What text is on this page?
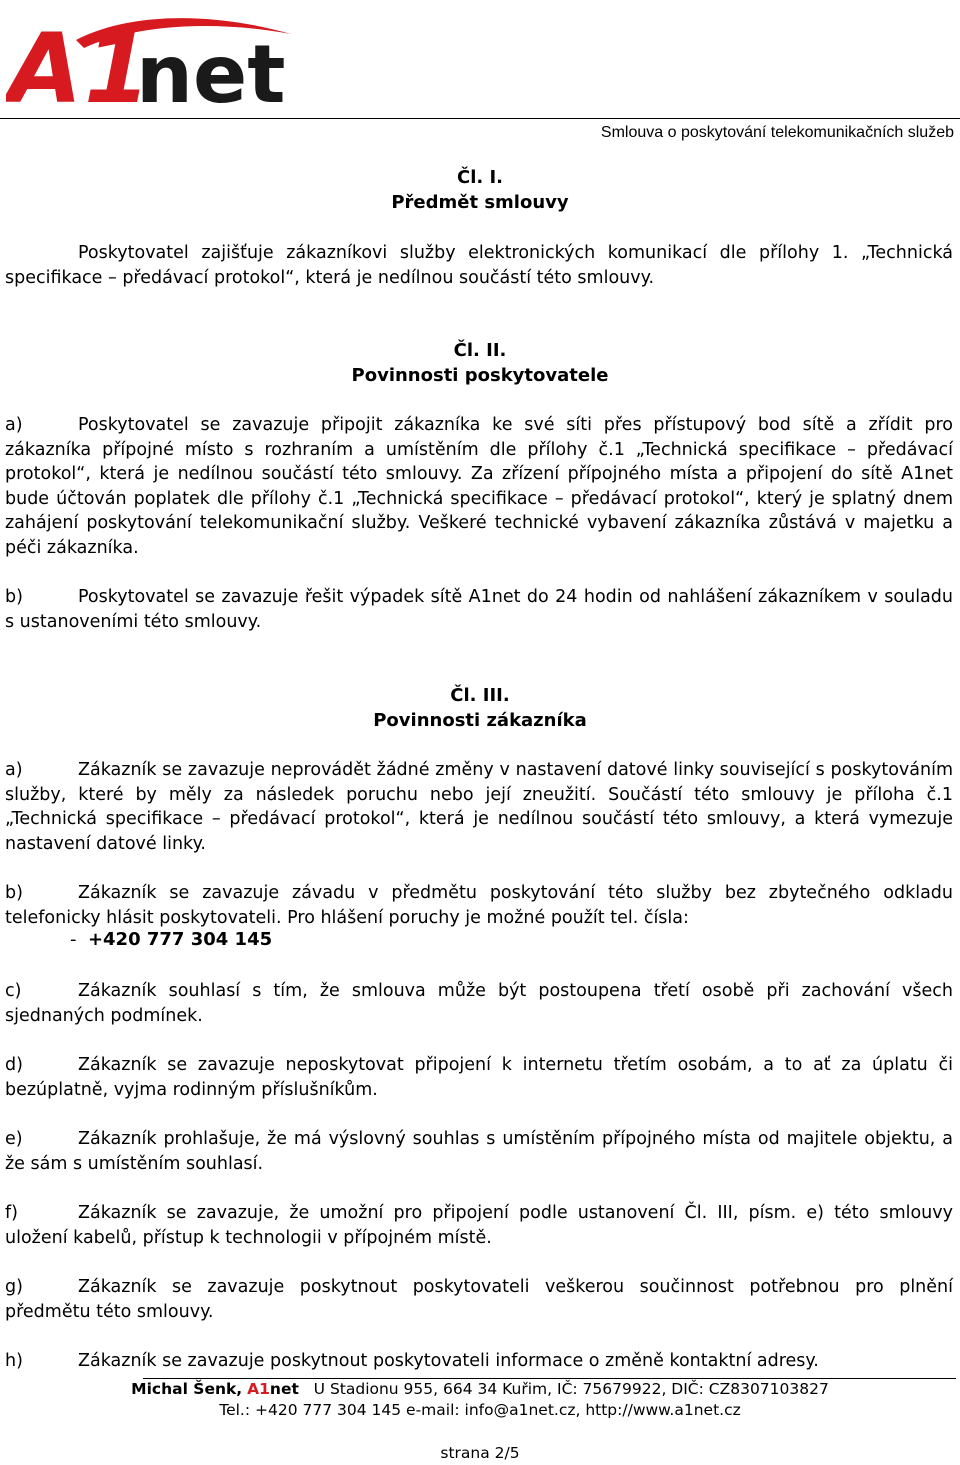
A 1
net
Smlouva o poskytování telekomunikačních služeb
Čl. I.
Předmět smlouvy
Poskytovatel zajišťuje zákazníkovi služby elektronických komunikací dle přílohy 1. „Technická specifikace – předávací protokol“, která je nedílnou součástí této smlouvy.
Čl. II.
Povinnosti poskytovatele
a)	Poskytovatel se zavazuje připojit zákazníka ke své síti přes přístupový bod sítě a zřídit pro zákazníka přípojné místo s rozhraním a umístěním dle přílohy č.1 „Technická specifikace – předávací protokol“, která je nedílnou součástí této smlouvy. Za zřízení přípojného místa a připojení do sítě A1net bude účtován poplatek dle přílohy č.1 „Technická specifikace – předávací protokol“, který je splatný dnem zahájení poskytování telekomunikační služby. Veškeré technické vybavení zákazníka zůstává v majetku a péči zákazníka.
b)	Poskytovatel se zavazuje řešit výpadek sítě A1net do 24 hodin od nahlášení zákazníkem v souladu s ustanoveními této smlouvy.
Čl. III.
Povinnosti zákazníka
a)	Zákazník se zavazuje neprovádět žádné změny v nastavení datové linky související s poskytováním služby, které by měly za následek poruchu nebo její zneužití. Součástí této smlouvy je příloha č.1 „Technická specifikace – předávací protokol“, která je nedílnou součástí této smlouvy, a která vymezuje nastavení datové linky.
b)	Zákazník se zavazuje závadu v předmětu poskytování této služby bez zbytečného odkladu telefonicky hlásit poskytovateli. Pro hlášení poruchy je možné použít tel. čísla:
- +420 777 304 145
c)	Zákazník souhlasí s tím, že smlouva může být postoupena třetí osobě při zachování všech sjednaných podmínek.
d)	Zákazník se zavazuje neposkytovat připojení k internetu třetím osobám, a to ať za úplatu či bezúplatně, vyjma rodinným příslušníkům.
e)	Zákazník prohlašuje, že má výslovný souhlas s umístěním přípojného místa od majitele objektu, a že sám s umístěním souhlasí.
f)	Zákazník se zavazuje, že umožní pro připojení podle ustanovení Čl. III, písm. e) této smlouvy uložení kabelů, přístup k technologii v přípojném místě.
g)	Zákazník se zavazuje poskytnout poskytovateli veškerou součinnost potřebnou pro plnění předmětu této smlouvy.
h)	Zákazník se zavazuje poskytnout poskytovateli informace o změně kontaktní adresy.
Michal Šenk, A1net U Stadionu 955, 664 34 Kuřim, IČ: 75679922, DIČ: CZ8307103827
Tel.: +420 777 304 145 e-mail: info@a1net.cz, http://www.a1net.cz
strana 2/5
